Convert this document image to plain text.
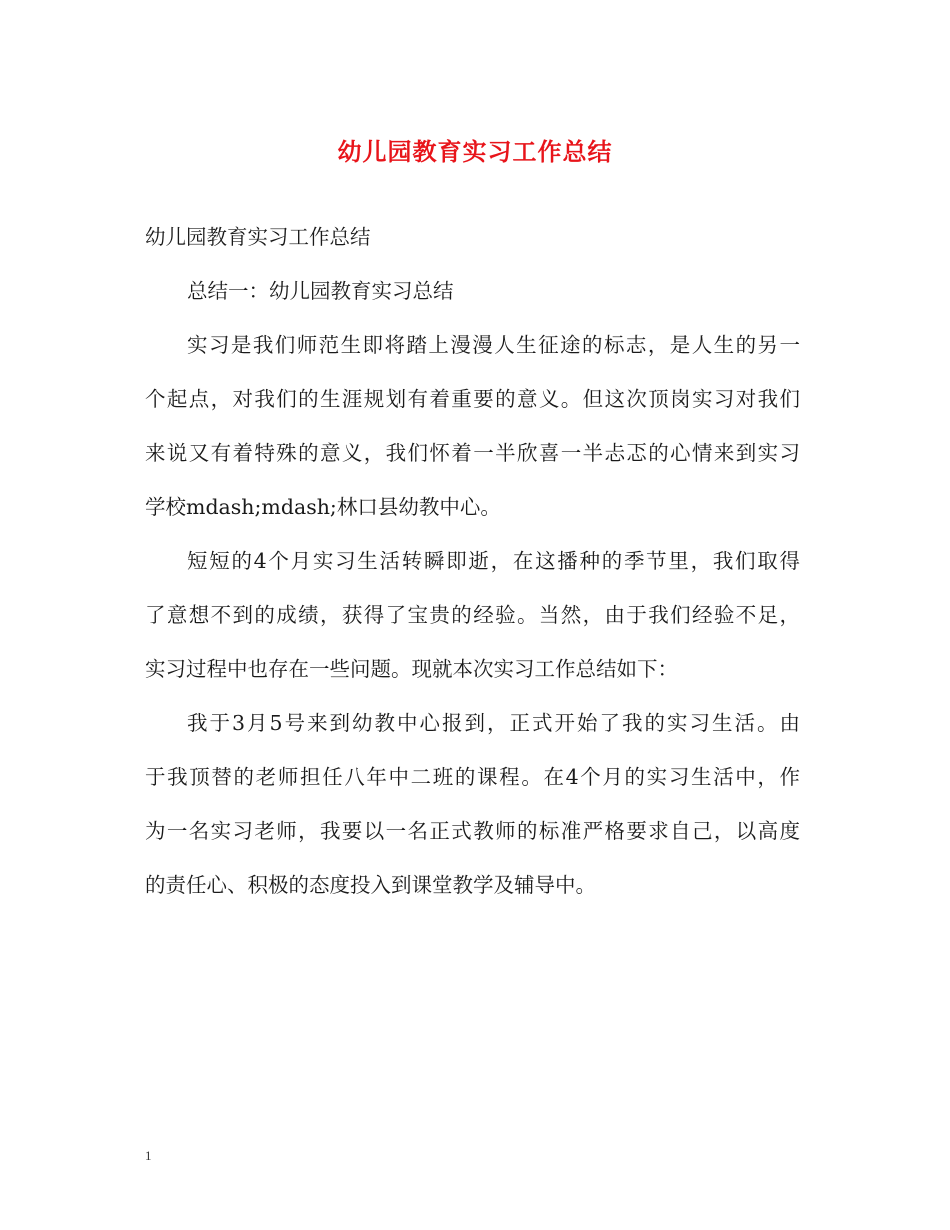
幼儿园教育实习工作总结
幼儿园教育实习工作总结
总结一：幼儿园教育实习总结
实习是我们师范生即将踏上漫漫人生征途的标志，是人生的另一
个起点，对我们的生涯规划有着重要的意义。但这次顶岗实习对我们
来说又有着特殊的意义，我们怀着一半欣喜一半忐忑的心情来到实习
学校mdash;mdash;林口县幼教中心。
短短的4个月实习生活转瞬即逝，在这播种的季节里，我们取得
了意想不到的成绩，获得了宝贵的经验。当然，由于我们经验不足，
实习过程中也存在一些问题。现就本次实习工作总结如下：
我于3月5号来到幼教中心报到，正式开始了我的实习生活。由
于我顶替的老师担任八年中二班的课程。在4个月的实习生活中，作
为一名实习老师，我要以一名正式教师的标准严格要求自己，以高度
的责任心、积极的态度投入到课堂教学及辅导中。
1
